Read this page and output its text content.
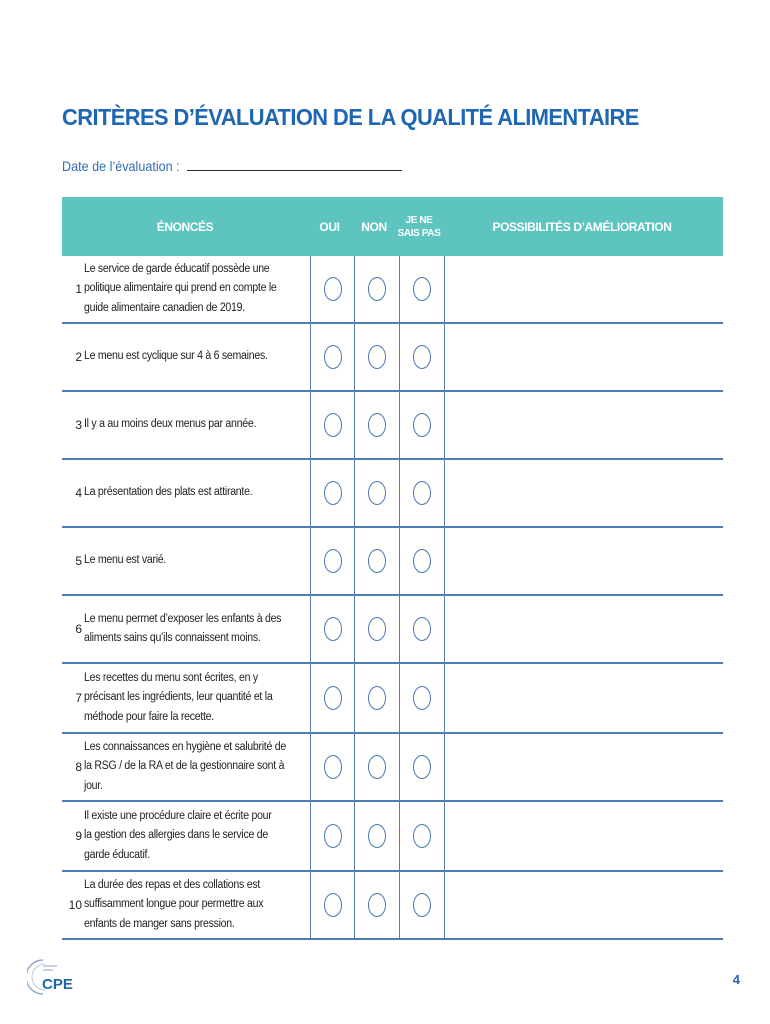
CRITÈRES D’ÉVALUATION DE LA QUALITÉ ALIMENTAIRE
Date de l’évaluation :
ÉNONCÉS	OUI	NON	JE NE SAIS PAS	POSSIBILITÉS D’AMÉLIORATION
1
Le service de garde éducatif possède une politique alimentaire qui prend en compte le guide alimentaire canadien de 2019.
2 Le menu est cyclique sur 4 à 6 semaines.
3 Il y a au moins deux menus par année.
4 La présentation des plats est attirante.
5 Le menu est varié.
6
Le menu permet d’exposer les enfants à des aliments sains qu’ils connaissent moins.
7
Les recettes du menu sont écrites, en y précisant les ingrédients, leur quantité et la méthode pour faire la recette.
8
Les connaissances en hygiène et salubrité de la RSG / de la RA et de la gestionnaire sont à jour.
9
Il existe une procédure claire et écrite pour la gestion des allergies dans le service de garde éducatif.
10
La durée des repas et des collations est suffisamment longue pour permettre aux enfants de manger sans pression.
CPE	4
